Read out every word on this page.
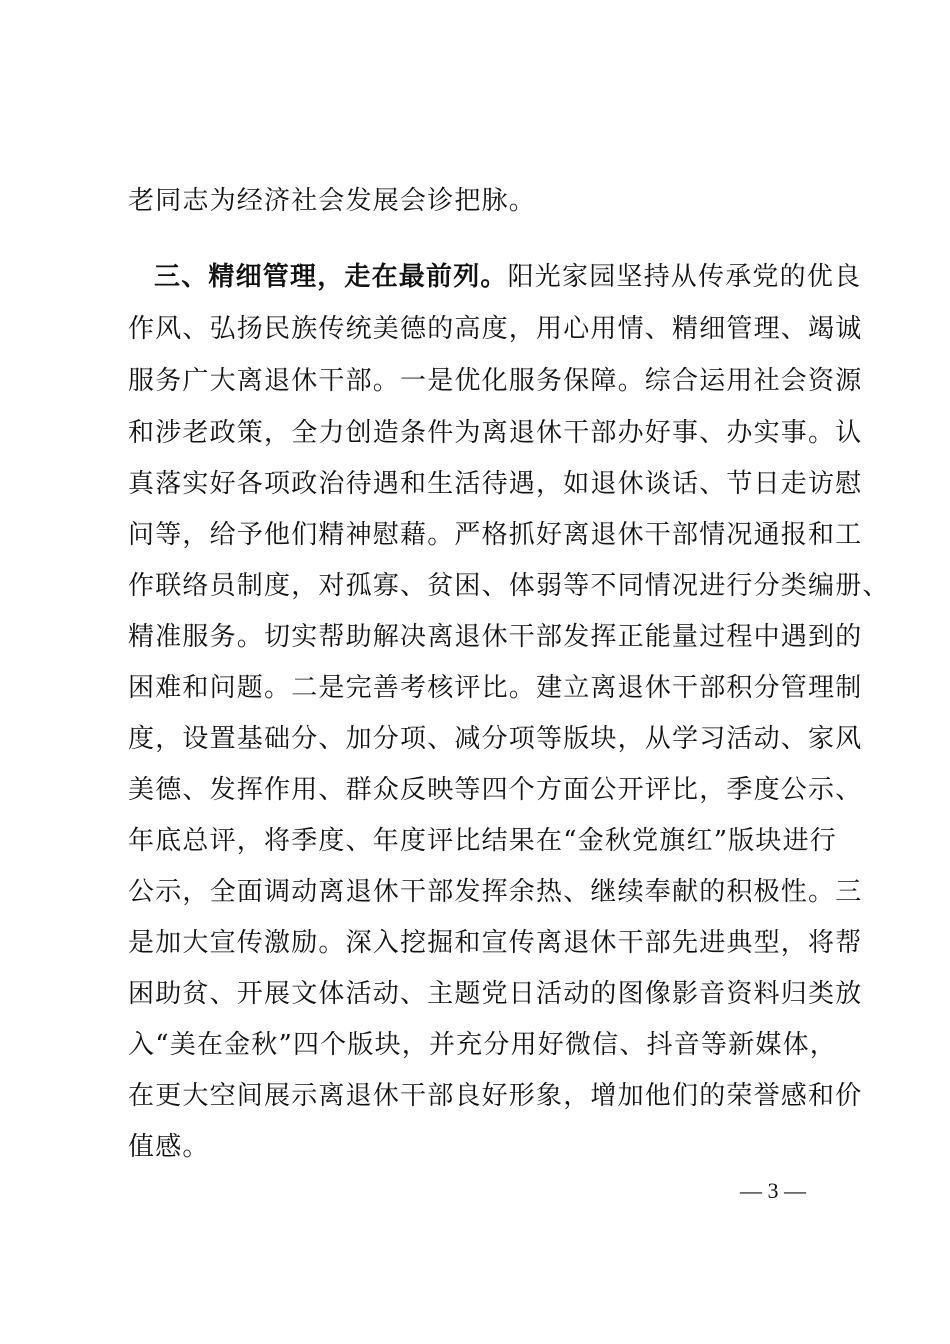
老同志为经济社会发展会诊把脉。
三、精细管理，走在最前列。阳光家园坚持从传承党的优良
作风、弘扬民族传统美德的高度，用心用情、精细管理、竭诚
服务广大离退休干部。一是优化服务保障。综合运用社会资源
和涉老政策，全力创造条件为离退休干部办好事、办实事。认
真落实好各项政治待遇和生活待遇，如退休谈话、节日走访慰
问等，给予他们精神慰藉。严格抓好离退休干部情况通报和工
作联络员制度，对孤寡、贫困、体弱等不同情况进行分类编册、
精准服务。切实帮助解决离退休干部发挥正能量过程中遇到的
困难和问题。二是完善考核评比。建立离退休干部积分管理制
度，设置基础分、加分项、减分项等版块，从学习活动、家风
美德、发挥作用、群众反映等四个方面公开评比，季度公示、
年底总评，将季度、年度评比结果在“金秋党旗红”版块进行
公示，全面调动离退休干部发挥余热、继续奉献的积极性。三
是加大宣传激励。深入挖掘和宣传离退休干部先进典型，将帮
困助贫、开展文体活动、主题党日活动的图像影音资料归类放
入“美在金秋”四个版块，并充分用好微信、抖音等新媒体，
在更大空间展示离退休干部良好形象，增加他们的荣誉感和价
值感。
— 3 —
